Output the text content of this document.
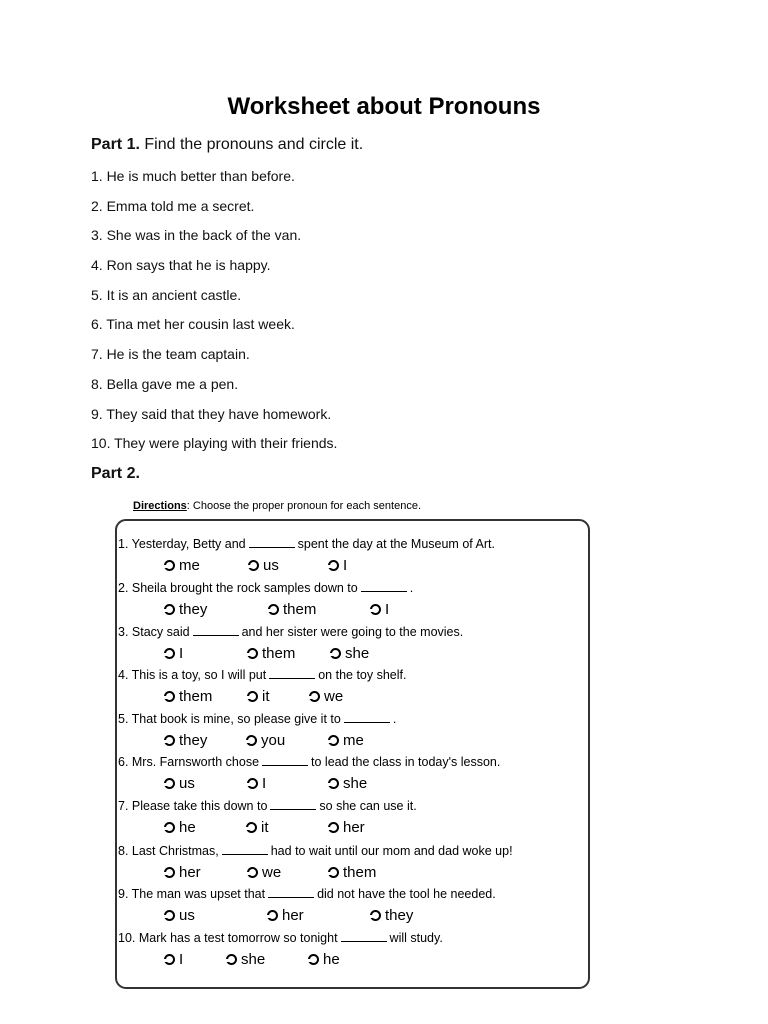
Worksheet about Pronouns
Part 1. Find the pronouns and circle it.
1. He is much better than before.
2. Emma told me a secret.
3. She was in the back of the van.
4. Ron says that he is happy.
5. It is an ancient castle.
6. Tina met her cousin last week.
7. He is the team captain.
8. Bella gave me a pen.
9. They said that they have homework.
10. They were playing with their friends.
Part 2.
Directions: Choose the proper pronoun for each sentence.
1. Yesterday, Betty and	spent the day at the Museum of Art.
me	us	I
2. Sheila brought the rock samples down to	.
they	them	I
3. Stacy said	and her sister were going to the movies.
I	them	she
4. This is a toy, so I will put	on the toy shelf.
them	it	we
5. That book is mine, so please give it to	.
they	you	me
6. Mrs. Farnsworth chose	to lead the class in today's lesson.
us	I	she
7. Please take this down to	so she can use it.
he	it	her
8. Last Christmas,	had to wait until our mom and dad woke up!
her	we	them
9. The man was upset that	did not have the tool he needed.
us	her	they
10. Mark has a test tomorrow so tonight	will study.
I	she	he
